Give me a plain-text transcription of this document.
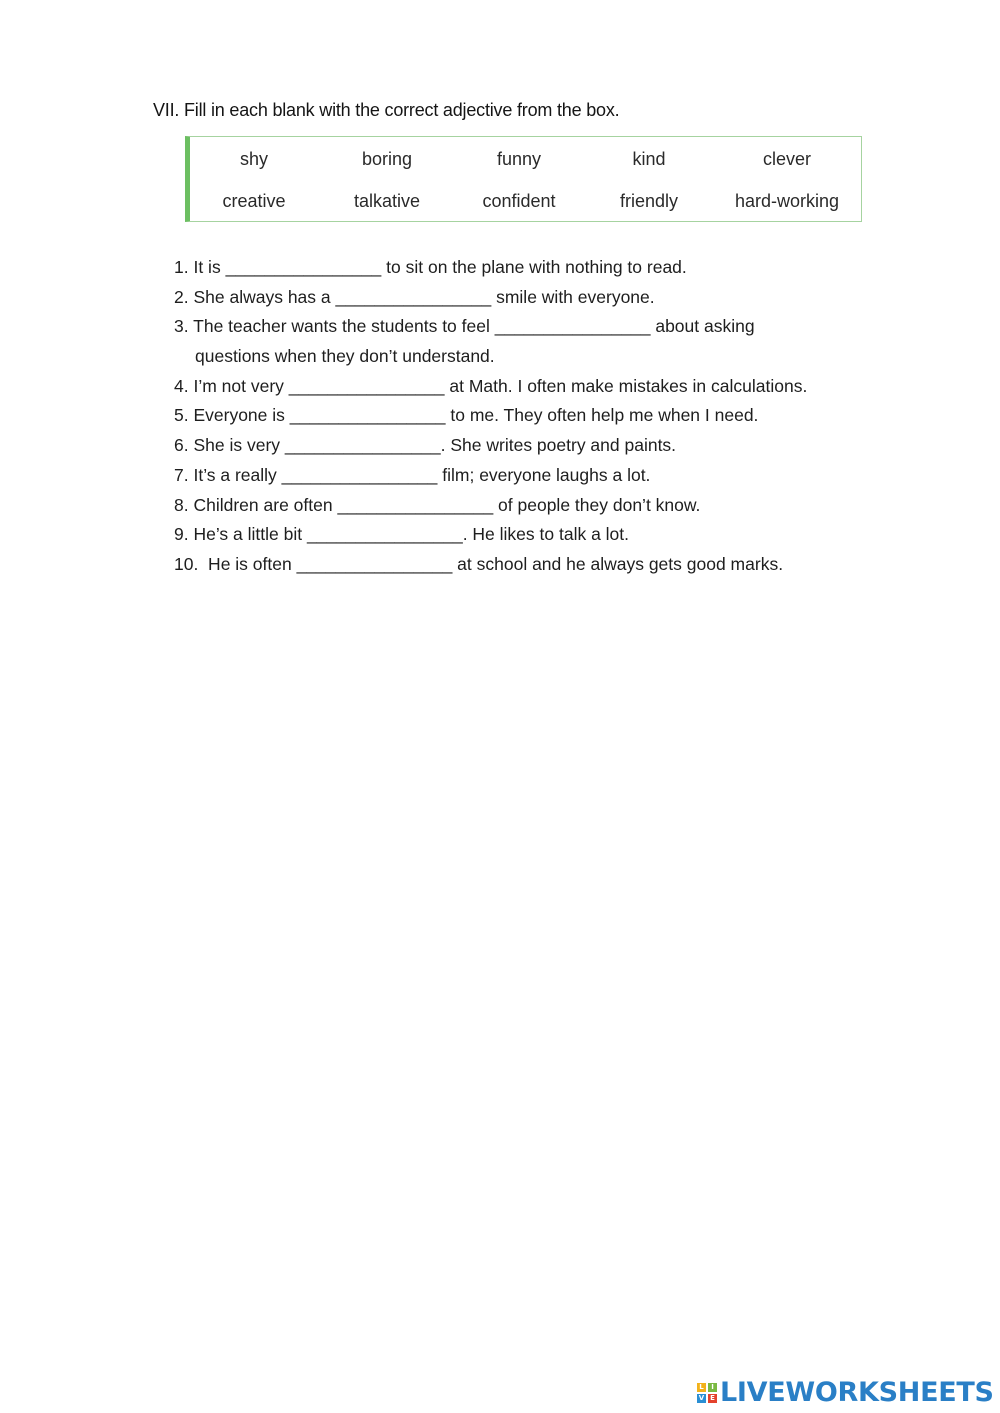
VII. Fill in each blank with the correct adjective from the box.
shy	boring	funny	kind	clever
creative	talkative	confident	friendly	hard-working
1. It is ________________ to sit on the plane with nothing to read.
2. She always has a ________________ smile with everyone.
3. The teacher wants the students to feel ________________ about asking
questions when they don’t understand.
4. I’m not very ________________ at Math. I often make mistakes in calculations.
5. Everyone is ________________ to me. They often help me when I need.
6. She is very ________________. She writes poetry and paints.
7. It’s a really ________________ film; everyone laughs a lot.
8. Children are often ________________ of people they don’t know.
9. He’s a little bit ________________. He likes to talk a lot.
10.  He is often ________________ at school and he always gets good marks.
L	I
V E LIVEWORKSHEETS
